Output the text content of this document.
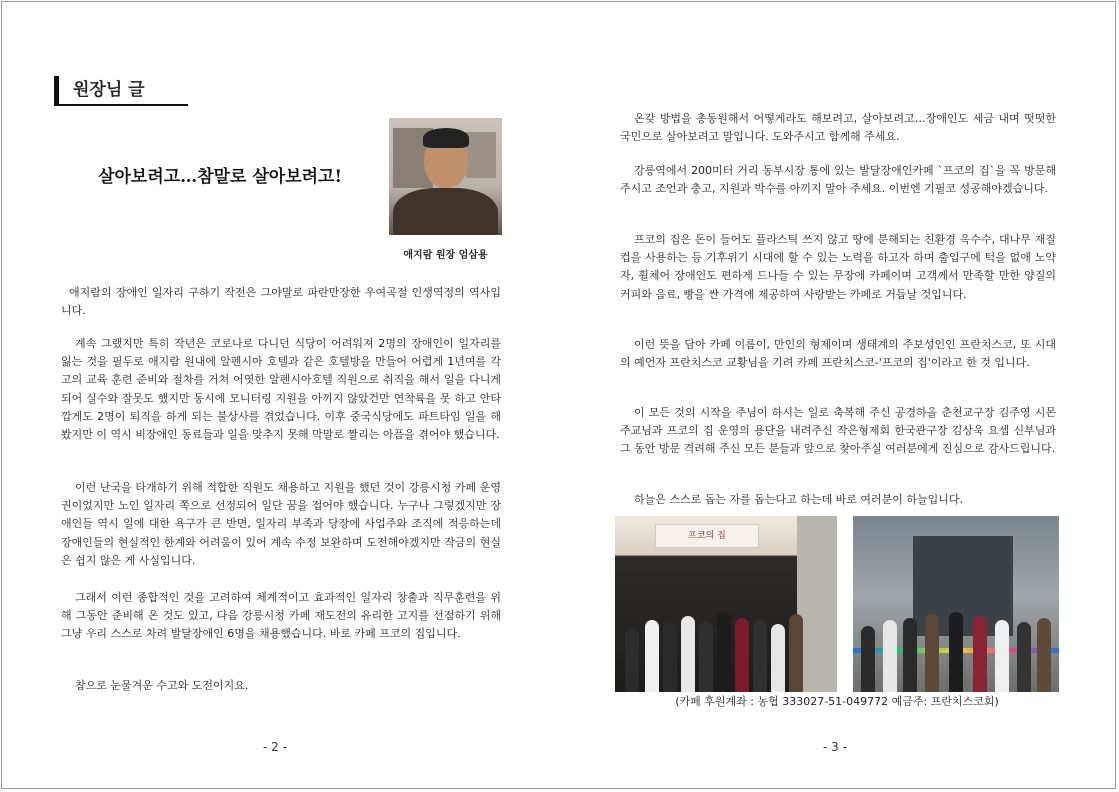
원장님 글
살아보려고…참말로 살아보려고!
애지람 원장 엄삼용

애지람의 장애인 일자리 구하기 작전은 그야말로 파란만장한 우여곡절 인생역정의 역사입니다.

계속 그랬지만 특히 작년은 코로나로 다니던 식당이 어려워져 2명의 장애인이 일자리를 잃는 것을 필두로 애지람 원내에 알펜시아 호텔과 같은 호텔방을 만들어 어렵게 1년여를 각고의 교육 훈련 준비와 절차를 거쳐 어엿한 알펜시아호텔 직원으로 취직을 해서 일을 다니게 되어 실수와 잘못도 했지만 동시에 모니터링 지원을 아끼지 않았건만 연착륙을 못 하고 안타깝게도 2명이 퇴직을 하게 되는 불상사를 겪었습니다. 이후 중국식당에도 파트타임 일을 해봤지만 이 역시 비장애인 동료들과 일을 맞추지 못해 막말로 짤리는 아픔을 겪어야 했습니다.

이런 난국을 타개하기 위해 적합한 직원도 채용하고 지원을 했던 것이 강릉시청 카페 운영권이었지만 노인 일자리 쪽으로 선정되어 일단 꿈을 접어야 했습니다. 누구나 그렇겠지만 장애인들 역시 일에 대한 욕구가 큰 반면, 일자리 부족과 당장에 사업주와 조직에 적응하는데 장애인들의 현실적인 한계와 어려움이 있어 계속 수정 보완하며 도전해야겠지만 작금의 현실은 쉽지 않은 게 사실입니다.

그래서 이런 종합적인 것을 고려하여 체계적이고 효과적인 일자리 창출과 직무훈련을 위해 그동안 준비해 온 것도 있고, 다음 강릉시청 카페 재도전의 유리한 고지를 선점하기 위해 그냥 우리 스스로 차려 발달장애인 6명을 채용했습니다. 바로 카페 프코의 집입니다.

참으로 눈물겨운 수고와 도전이지요.

온갖 방법을 총동원해서 어떻게라도 해보려고, 살아보려고…장애인도 세금 내며 떳떳한 국민으로 살아보려고 말입니다. 도와주시고 함께해 주세요.

강릉역에서 200미터 거리 동부시장 통에 있는 발달장애인카페 `프코의 집`을 꼭 방문해 주시고 조언과 충고, 지원과 박수를 아끼지 말아 주세요. 이번엔 기필코 성공해야겠습니다.

프코의 집은 돈이 들어도 플라스틱 쓰지 않고 땅에 분해되는 친환경 옥수수, 대나무 재질 컵을 사용하는 등 기후위기 시대에 할 수 있는 노력을 하고자 하며 출입구에 턱을 없애 노약자, 휠체어 장애인도 편하게 드나들 수 있는 무장애 카페이며 고객께서 만족할 만한 양질의 커피와 음료, 빵을 싼 가격에 제공하여 사랑받는 카페로 거듭날 것입니다.

이런 뜻을 담아 카페 이름이, 만인의 형제이며 생태계의 주보성인인 프란치스코, 또 시대의 예언자 프란치스코 교황님을 기려 카페 프란치스코-'프코의 집'이라고 한 것 입니다.

이 모든 것의 시작을 주님이 하시는 일로 축복해 주신 공경하올 춘천교구장 김주영 시몬 주교님과 프코의 집 운영의 용단을 내려주신 작은형제회 한국관구장 김상욱 요셉 신부님과 그 동안 방문 격려해 주신 모든 분들과 앞으로 찾아주실 여러분에게 진심으로 감사드립니다.

하늘은 스스로 돕는 자를 돕는다고 하는데 바로 여러분이 하늘입니다.

프코의 집
(카페 후원계좌 : 농협 333027-51-049772 예금주: 프란치스코회)
- 2 -	- 3 -
